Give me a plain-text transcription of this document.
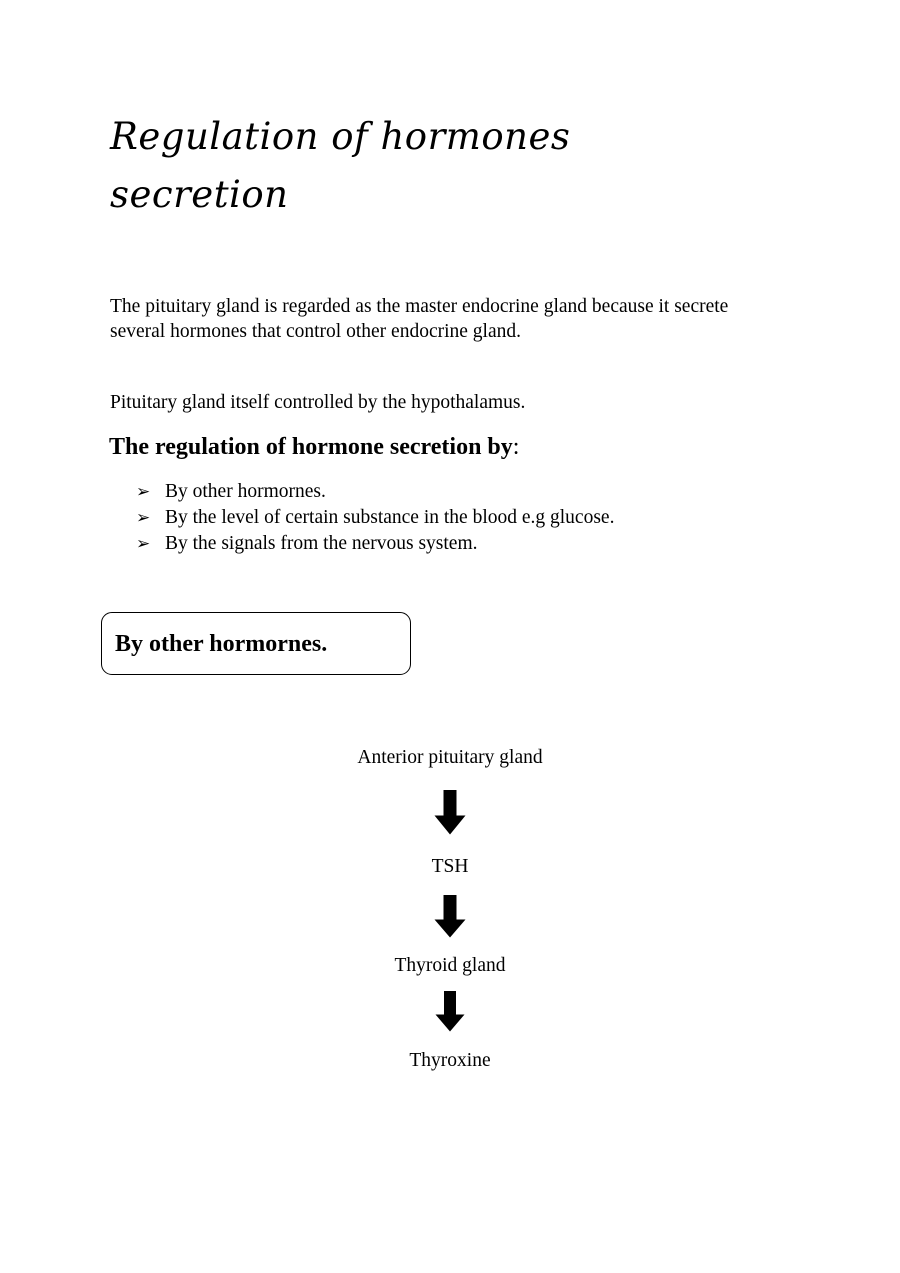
Regulation of hormones
secretion

The pituitary gland is regarded as the master endocrine gland because it secrete several hormones that control other endocrine gland.

Pituitary gland itself controlled by the hypothalamus.

The regulation of hormone secretion by:
➢ By other hormornes.
➢ By the level of certain substance in the blood e.g glucose.
➢ By the signals from the nervous system.
By other hormornes.
Anterior pituitary gland
TSH
Thyroid gland
Thyroxine
